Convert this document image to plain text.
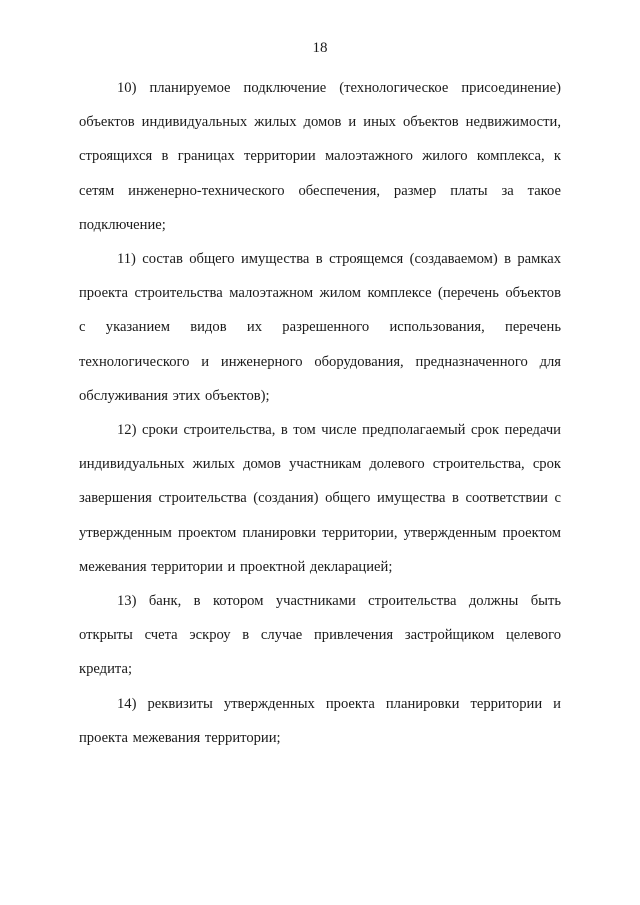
18

10) планируемое подключение (технологическое присоединение) объектов индивидуальных жилых домов и иных объектов недвижимости, строящихся в границах территории малоэтажного жилого комплекса, к сетям инженерно-технического обеспечения, размер платы за такое подключение;

11) состав общего имущества в строящемся (создаваемом) в рамках проекта строительства малоэтажном жилом комплексе (перечень объектов с указанием видов их разрешенного использования, перечень технологического и инженерного оборудования, предназначенного для обслуживания этих объектов);

12) сроки строительства, в том числе предполагаемый срок передачи индивидуальных жилых домов участникам долевого строительства, срок завершения строительства (создания) общего имущества в соответствии с утвержденным проектом планировки территории, утвержденным проектом межевания территории и проектной декларацией;

13) банк, в котором участниками строительства должны быть открыты счета эскроу в случае привлечения застройщиком целевого кредита;

14) реквизиты утвержденных проекта планировки территории и проекта межевания территории;
